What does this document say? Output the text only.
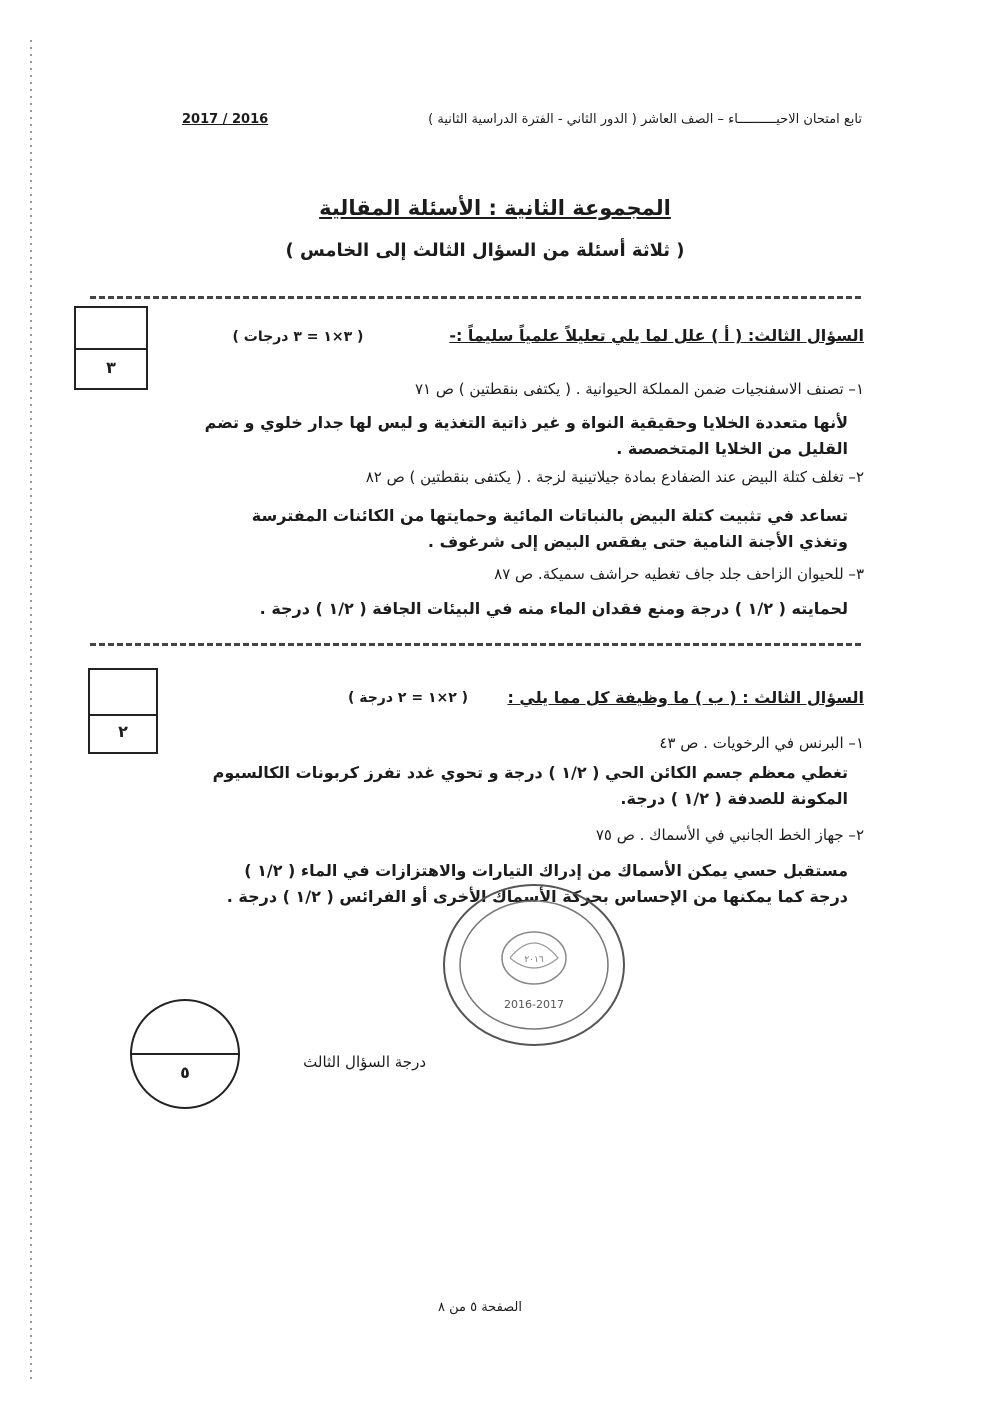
تابع امتحان الاحيــــــــــاء – الصف العاشر ( الدور الثاني - الفترة الدراسية الثانية )
2017 / 2016
المجموعة الثانية : الأسئلة المقالية
( ثلاثة أسئلة من السؤال الثالث إلى الخامس )
٣
السؤال الثالث: ( أ ) علل لما يلي تعليلاً علمياً سليماً :-
( ٣×١ = ٣ درجات )
١– تصنف الاسفنجيات ضمن المملكة الحيوانية . ( يكتفى بنقطتين ) ص ٧١
لأنها متعددة الخلايا وحقيقية النواة و غير ذاتية التغذية و ليس لها جدار خلوي و تضم
القليل من الخلايا المتخصصة .
٢– تغلف كتلة البيض عند الضفادع بمادة جيلاتينية لزجة . ( يكتفى بنقطتين ) ص ٨٢
تساعد في تثبيت كتلة البيض بالنباتات المائية وحمايتها من الكائنات المفترسة
وتغذي الأجنة النامية حتى يفقس البيض إلى شرغوف .
٣– للحيوان الزاحف جلد جاف تغطيه حراشف سميكة. ص ٨٧
لحمايته ( ١/٢ ) درجة ومنع فقدان الماء منه في البيئات الجافة ( ١/٢ ) درجة .
٢
السؤال الثالث : ( ب ) ما وظيفة كل مما يلي :
( ٢×١ = ٢ درجة )
١– البرنس في الرخويات . ص ٤٣
تغطي معظم جسم الكائن الحي ( ١/٢ ) درجة و تحوي غدد تفرز كربونات الكالسيوم
المكونة للصدفة ( ١/٢ ) درجة.
٢– جهاز الخط الجانبي في الأسماك . ص ٧٥
مستقبل حسي يمكن الأسماك من إدراك التيارات والاهتزازات في الماء ( ١/٢ )
درجة كما يمكنها من الإحساس بحركة الأسماك الأخرى أو الفرائس ( ١/٢ ) درجة .
2016-2017
٢٠١٦
٥
درجة السؤال الثالث
الصفحة ٥ من ٨
